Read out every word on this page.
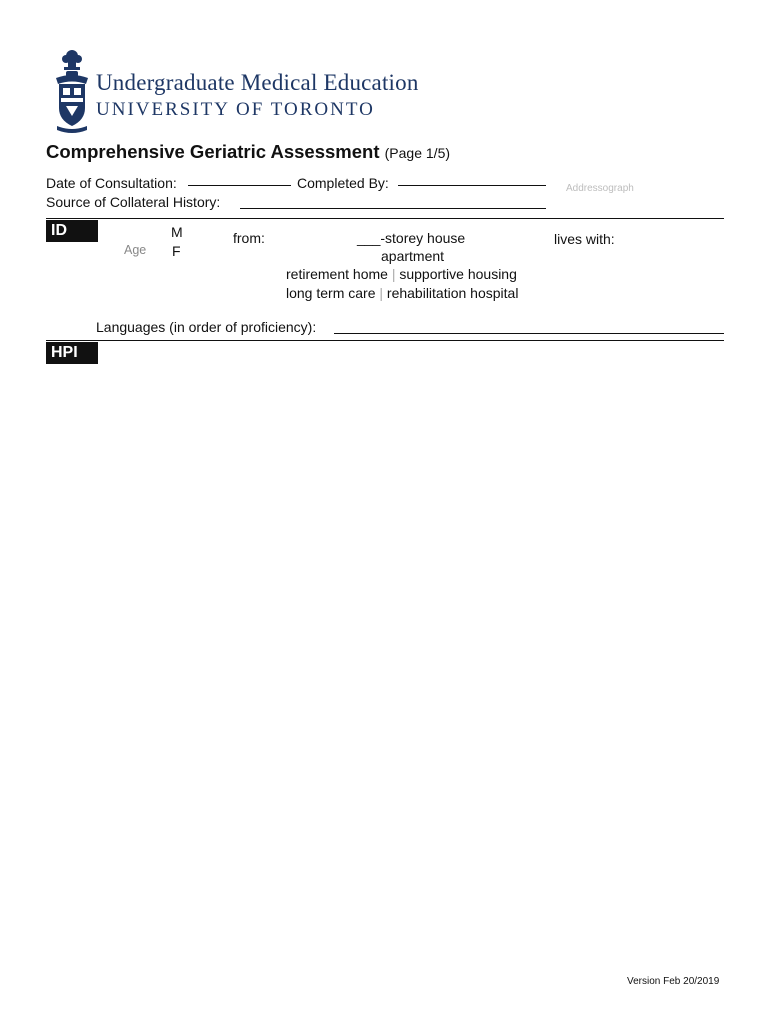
Undergraduate Medical Education
UNIVERSITY OF TORONTO
Comprehensive Geriatric Assessment (Page 1/5)
Date of Consultation:	Completed By:	Addressograph
Source of Collateral History:
ID
Age
M
F
from:	___-storey house
apartment
retirement home | supportive housing
long term care | rehabilitation hospital
lives with:
Languages (in order of proficiency):
HPI
Version Feb 20/2019
